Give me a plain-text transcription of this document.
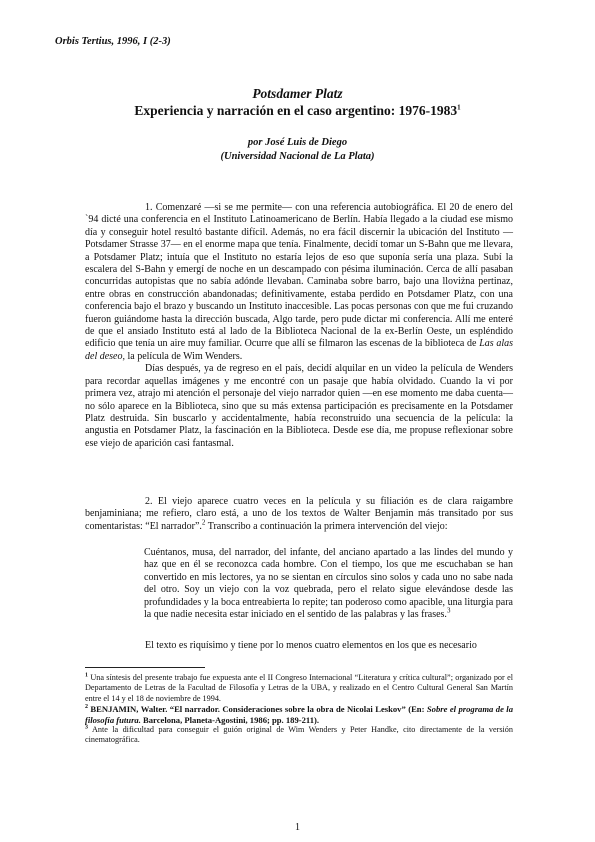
Orbis Tertius, 1996, I (2-3)
Potsdamer Platz
Experiencia y narración en el caso argentino: 1976-1983$^1$
por José Luis de Diego
(Universidad Nacional de La Plata)

1. Comenzaré —si se me permite— con una referencia autobiográfica. El 20 de enero del `94 dicté una conferencia en el Instituto Latinoamericano de Berlín. Había llegado a la ciudad ese mismo día y conseguir hotel resultó bastante difícil. Además, no era fácil discernir la ubicación del Instituto —Potsdamer Strasse 37— en el enorme mapa que tenía. Finalmente, decidí tomar un S-Bahn que me llevara, a Potsdamer Platz; intuía que el Instituto no estaría lejos de eso que suponía sería una plaza. Subí la escalera del S-Bahn y emergí de noche en un descampado con pésima iluminación. Cerca de allí pasaban concurridas autopistas que no sabía adónde llevaban. Caminaba sobre barro, bajo una lloviżna pertinaz, entre obras en construcción abandonadas; definitivamente, estaba perdido en Potsdamer Platz, con una conferencia bajo el brazo y buscando un Instituto inaccesible. Las pocas personas con que me fui cruzando fueron guiándome hasta la dirección buscada, Algo tarde, pero pude dictar mi conferencia. Allí me enteré de que el ansiado Instituto está al lado de la Biblioteca Nacional de la ex-Berlín Oeste, un espléndido edificio que tenía un aire muy familiar. Ocurre que allí se filmaron las escenas de la biblioteca de Las alas del deseo, la película de Wim Wenders.

Días después, ya de regreso en el país, decidí alquilar en un video la película de Wenders para recordar aquellas imágenes y me encontré con un pasaje que había olvidado. Cuando la vi por primera vez, atrajo mi atención el personaje del viejo narrador quien —en ese momento me daba cuenta— no sólo aparece en la Biblioteca, sino que su más extensa participación es precisamente en la Potsdamer Platz destruida. Sin buscarlo y accidentalmente, había reconstruido una secuencia de la película: la angustia en Potsdamer Platz, la fascinación en la Biblioteca. Desde ese día, me propuse reflexionar sobre ese viejo de aparición casi fantasmal.

2. El viejo aparece cuatro veces en la película y su filiación es de clara raigambre benjaminiana; me refiero, claro está, a uno de los textos de Walter Benjamin más transitado por sus comentaristas: “El narrador”.$^2$ Transcribo a continuación la primera intervención del viejo:

Cuéntanos, musa, del narrador, del infante, del anciano apartado a las lindes del mundo y haz que en él se reconozca cada hombre. Con el tiempo, los que me escuchaban se han convertido en mis lectores, ya no se sientan en círculos sino solos y cada uno no sabe nada del otro. Soy un viejo con la voz quebrada, pero el relato sigue elevándose desde las profundidades y la boca entreabierta lo repite; tan poderoso como apacible, una liturgia para la que nadie necesita estar iniciado en el sentido de las palabras y las frases.$^3$

El texto es riquísimo y tiene por lo menos cuatro elementos en los que es necesario

$^1$ Una síntesis del presente trabajo fue expuesta ante el II Congreso Internacional “Literatura y crítica cultural”; organizado por el Departamento de Letras de la Facultad de Filosofía y Letras de la UBA, y realizado en el Centro Cultural General San Martín entre el 14 y el 18 de noviembre de 1994.
$^2$ BENJAMIN, Walter. “El narrador. Consideraciones sobre la obra de Nicolai Leskov” (En: Sobre el programa de la filosofía futura. Barcelona, Planeta-Agostini, 1986; pp. 189-211).
$^3$ Ante la dificultad para conseguir el guión original de Wim Wenders y Peter Handke, cito directamente de la versión cinematográfica.
1
